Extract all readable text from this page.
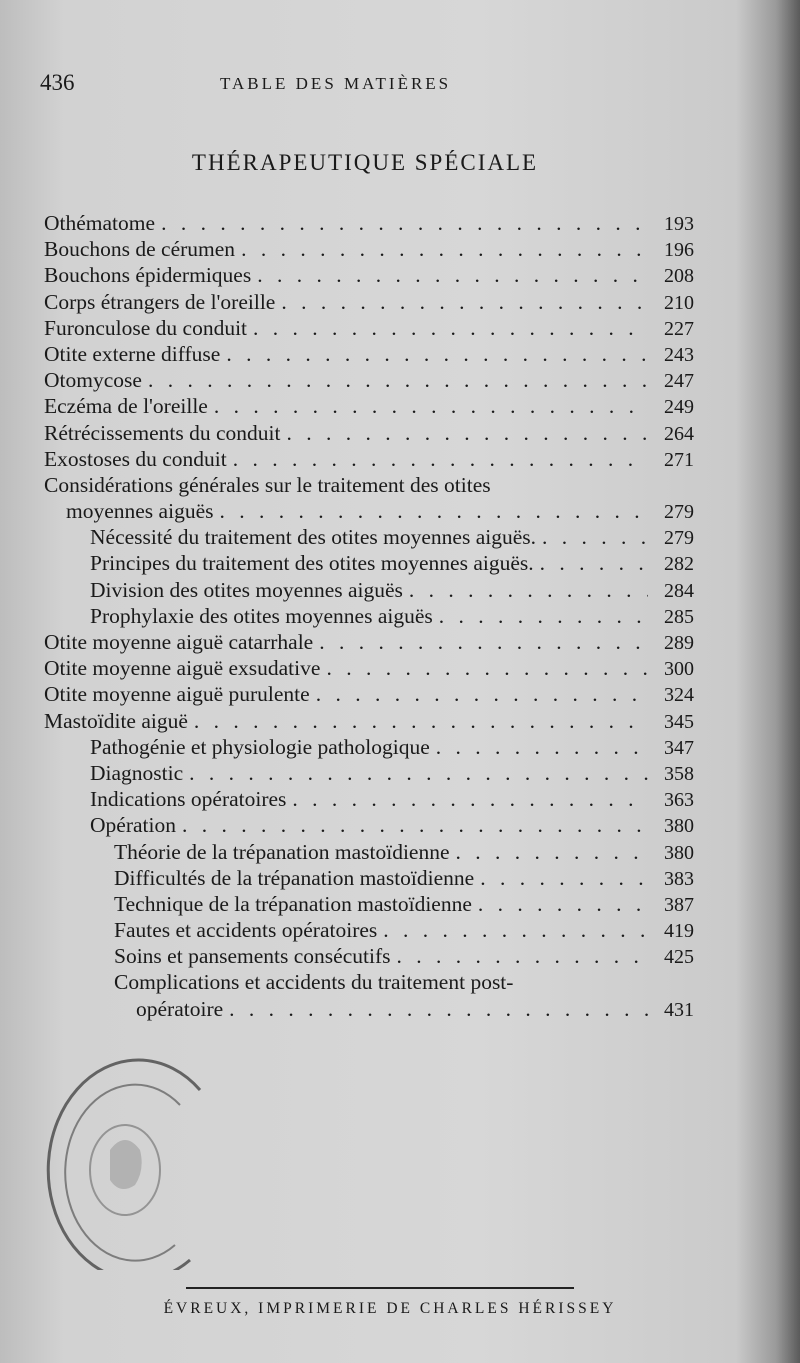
436	TABLE DES MATIÈRES
THÉRAPEUTIQUE SPÉCIALE
Othématome . . .	193
Bouchons de cérumen . . .	196
Bouchons épidermiques . . .	208
Corps étrangers de l'oreille . . .	210
Furonculose du conduit . . .	227
Otite externe diffuse . . .	243
Otomycose . . .	247
Eczéma de l'oreille . . .	249
Rétrécissements du conduit . . .	264
Exostoses du conduit . . .	271
Considérations générales sur le traitement des otites
moyennes aiguës . . .	279
Nécessité du traitement des otites moyennes aiguës. . . .	279
Principes du traitement des otites moyennes aiguës. . . .	282
Division des otites moyennes aiguës . . .	284
Prophylaxie des otites moyennes aiguës . . .	285
Otite moyenne aiguë catarrhale . . .	289
Otite moyenne aiguë exsudative . . .	300
Otite moyenne aiguë purulente . . .	324
Mastoïdite aiguë . . .	345
Pathogénie et physiologie pathologique . . .	347
Diagnostic . . .	358
Indications opératoires . . .	363
Opération . . .	380
Théorie de la trépanation mastoïdienne . . .	380
Difficultés de la trépanation mastoïdienne . . .	383
Technique de la trépanation mastoïdienne . . .	387
Fautes et accidents opératoires . . .	419
Soins et pansements consécutifs . . .	425
Complications et accidents du traitement post-
opératoire . . .	431
ÉVREUX, IMPRIMERIE DE CHARLES HÉRISSEY
